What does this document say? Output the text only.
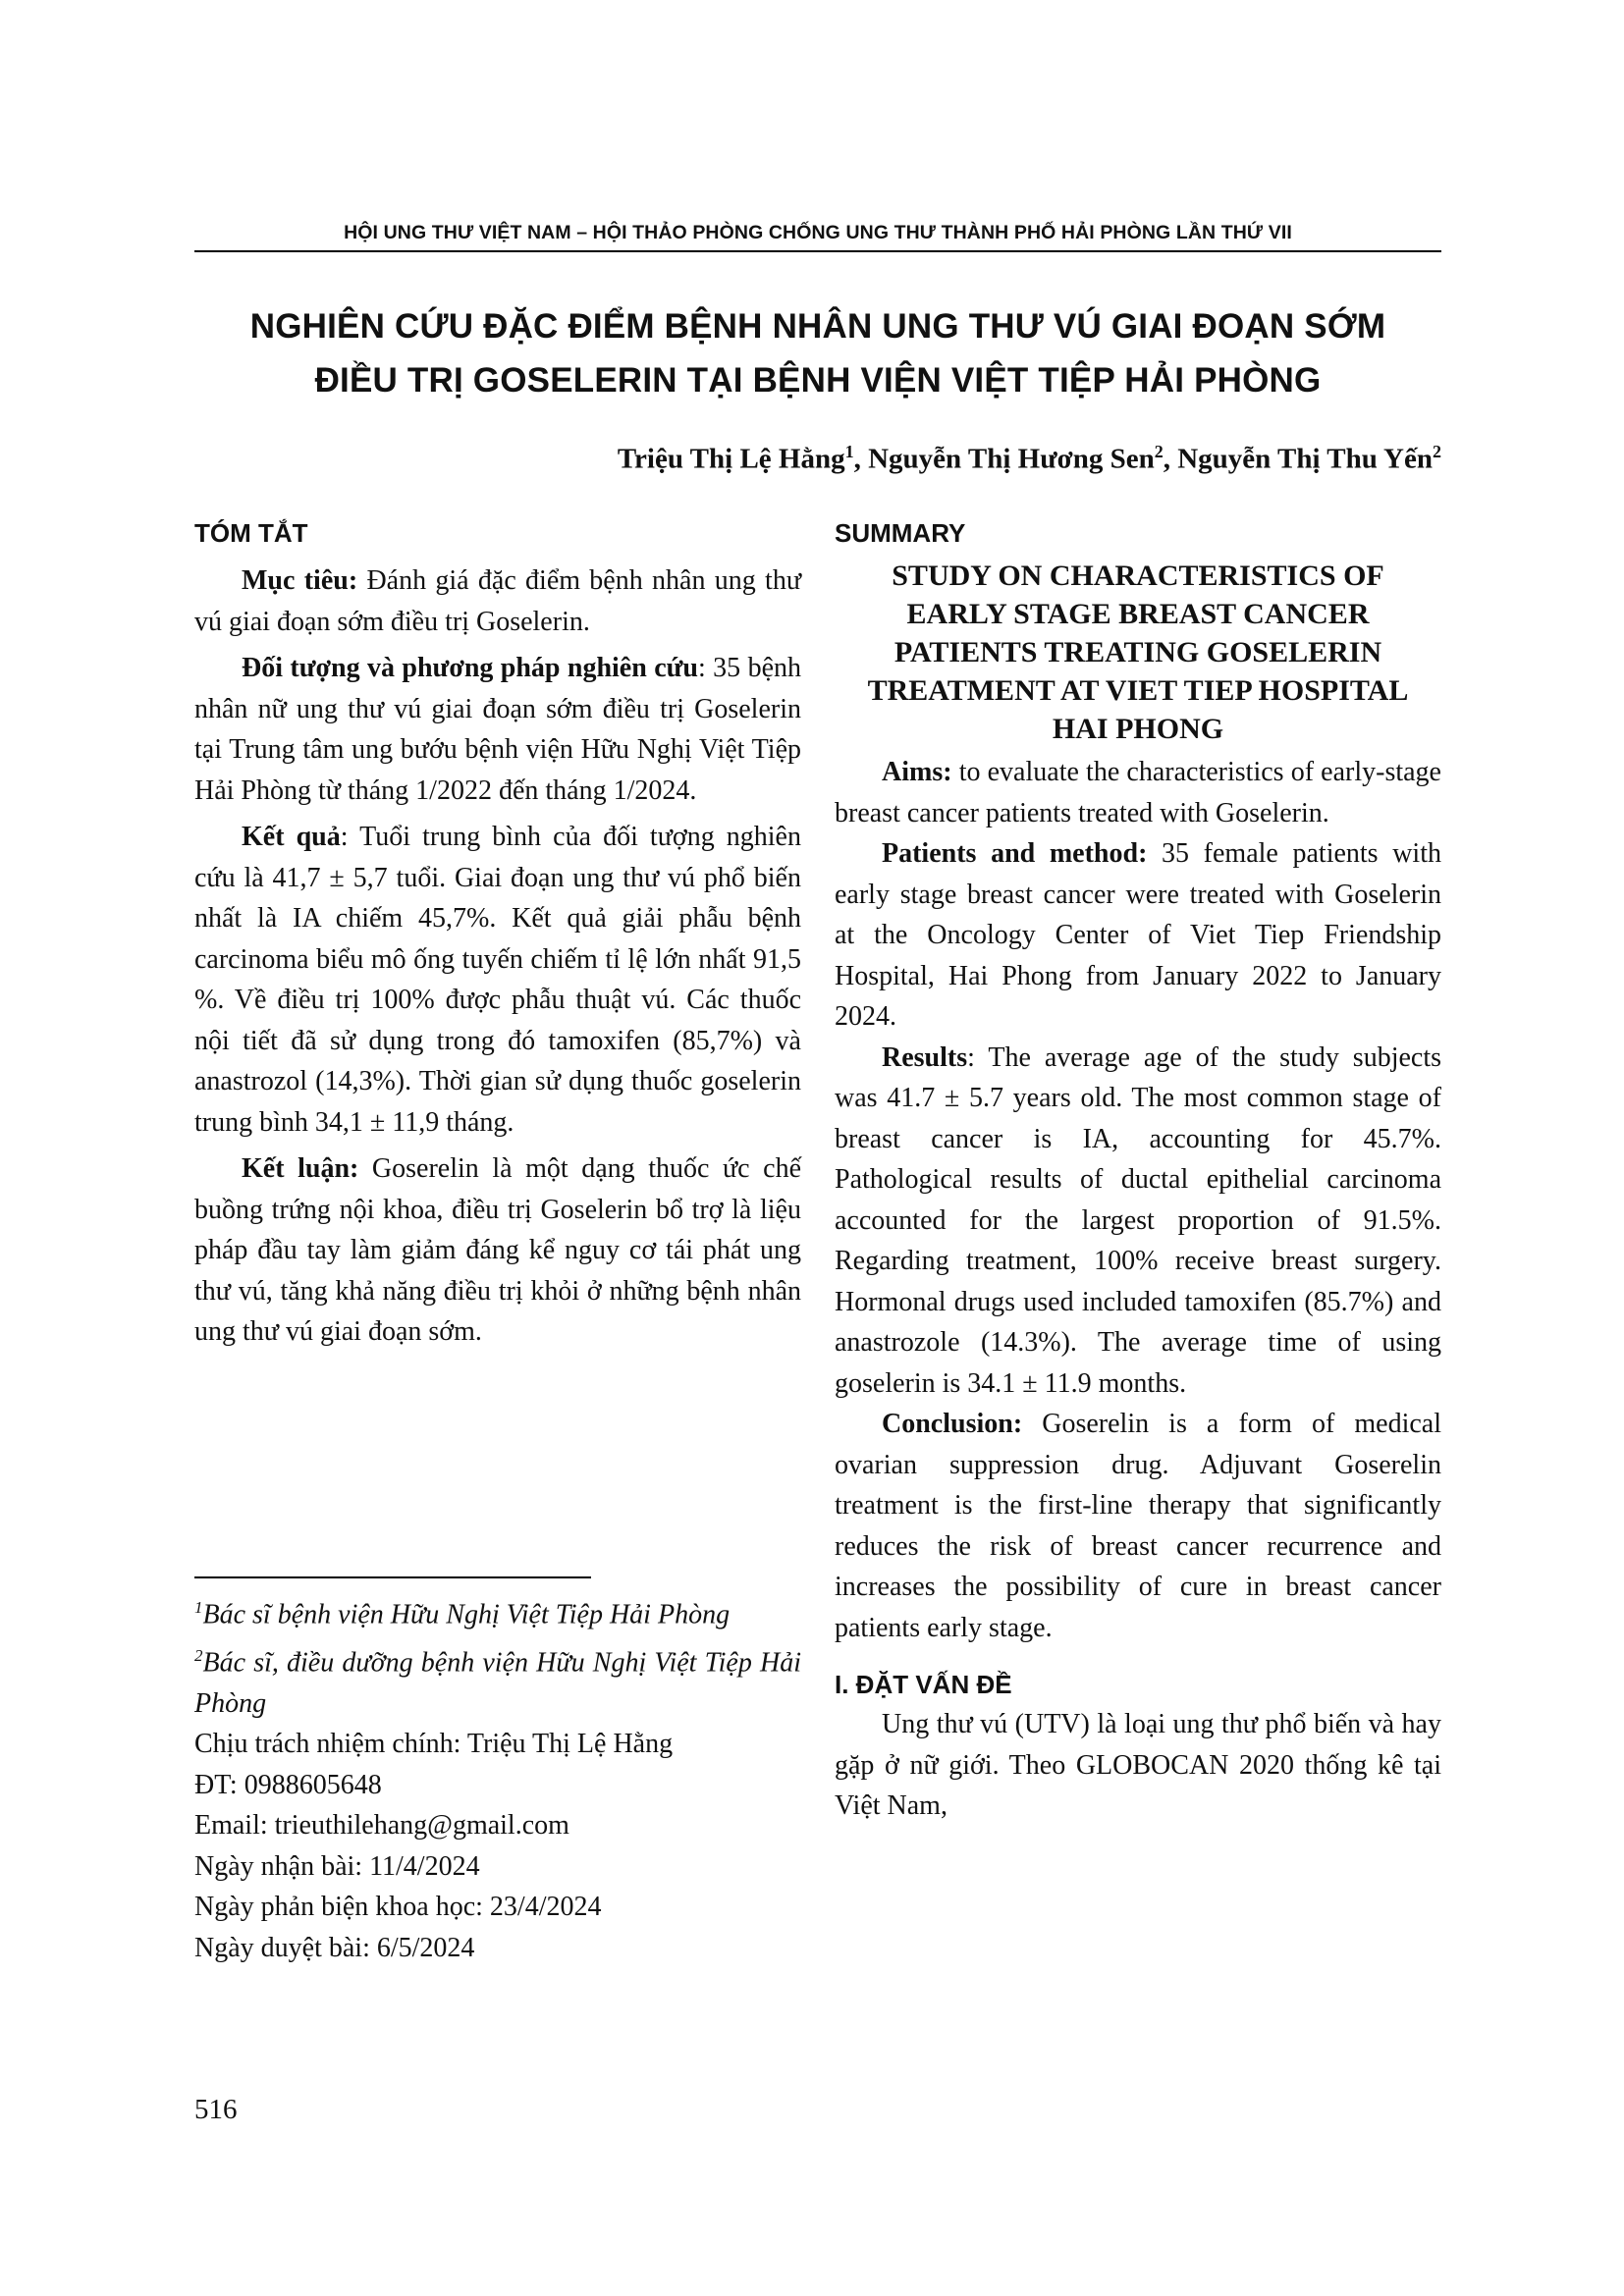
HỘI UNG THƯ VIỆT NAM – HỘI THẢO PHÒNG CHỐNG UNG THƯ THÀNH PHỐ HẢI PHÒNG LẦN THỨ VII
NGHIÊN CỨU ĐẶC ĐIỂM BỆNH NHÂN UNG THƯ VÚ GIAI ĐOẠN SỚM
ĐIỀU TRỊ GOSELERIN TẠI BỆNH VIỆN VIỆT TIỆP HẢI PHÒNG
Triệu Thị Lệ Hằng$^1$, Nguyễn Thị Hương Sen$^2$, Nguyễn Thị Thu Yến$^2$
TÓM TẮT

Mục tiêu: Đánh giá đặc điểm bệnh nhân ung thư vú giai đoạn sớm điều trị Goselerin.

Đối tượng và phương pháp nghiên cứu: 35 bệnh nhân nữ ung thư vú giai đoạn sớm điều trị Goselerin tại Trung tâm ung bướu bệnh viện Hữu Nghị Việt Tiệp Hải Phòng từ tháng 1/2022 đến tháng 1/2024.

Kết quả: Tuổi trung bình của đối tượng nghiên cứu là 41,7 ± 5,7 tuổi. Giai đoạn ung thư vú phổ biến nhất là IA chiếm 45,7%. Kết quả giải phẫu bệnh carcinoma biểu mô ống tuyến chiếm tỉ lệ lớn nhất 91,5 %. Về điều trị 100% được phẫu thuật vú. Các thuốc nội tiết đã sử dụng trong đó tamoxifen (85,7%) và anastrozol (14,3%). Thời gian sử dụng thuốc goselerin trung bình 34,1 ± 11,9 tháng.

Kết luận: Goserelin là một dạng thuốc ức chế buồng trứng nội khoa, điều trị Goselerin bổ trợ là liệu pháp đầu tay làm giảm đáng kể nguy cơ tái phát ung thư vú, tăng khả năng điều trị khỏi ở những bệnh nhân ung thư vú giai đoạn sớm.

$^1$Bác sĩ bệnh viện Hữu Nghị Việt Tiệp Hải Phòng
$^2$Bác sĩ, điều dưỡng bệnh viện Hữu Nghị Việt Tiệp Hải Phòng
Chịu trách nhiệm chính: Triệu Thị Lệ Hằng
ĐT: 0988605648
Email: trieuthilehang@gmail.com
Ngày nhận bài: 11/4/2024
Ngày phản biện khoa học: 23/4/2024
Ngày duyệt bài: 6/5/2024
516
SUMMARY
STUDY ON CHARACTERISTICS OF EARLY STAGE BREAST CANCER PATIENTS TREATING GOSELERIN TREATMENT AT VIET TIEP HOSPITAL HAI PHONG

Aims: to evaluate the characteristics of early-stage breast cancer patients treated with Goselerin.

Patients and method: 35 female patients with early stage breast cancer were treated with Goselerin at the Oncology Center of Viet Tiep Friendship Hospital, Hai Phong from January 2022 to January 2024.

Results: The average age of the study subjects was 41.7 ± 5.7 years old. The most common stage of breast cancer is IA, accounting for 45.7%. Pathological results of ductal epithelial carcinoma accounted for the largest proportion of 91.5%. Regarding treatment, 100% receive breast surgery. Hormonal drugs used included tamoxifen (85.7%) and anastrozole (14.3%). The average time of using goselerin is 34.1 ± 11.9 months.

Conclusion: Goserelin is a form of medical ovarian suppression drug. Adjuvant Goserelin treatment is the first-line therapy that significantly reduces the risk of breast cancer recurrence and increases the possibility of cure in breast cancer patients early stage.

I. ĐẶT VẤN ĐỀ

Ung thư vú (UTV) là loại ung thư phổ biến và hay gặp ở nữ giới. Theo GLOBOCAN 2020 thống kê tại Việt Nam,
